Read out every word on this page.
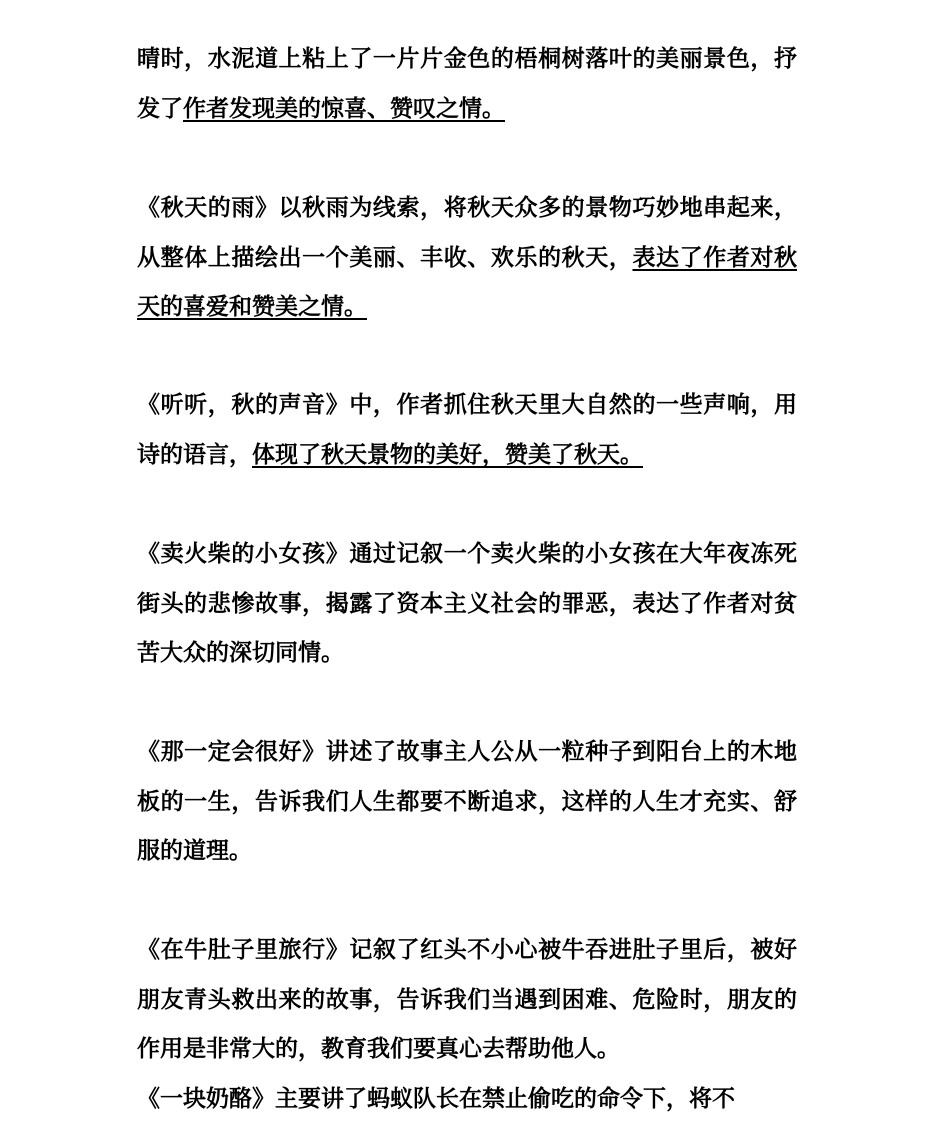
晴时，水泥道上粘上了一片片金色的梧桐树落叶的美丽景色，抒发了作者发现美的惊喜、赞叹之情。
《秋天的雨》以秋雨为线索，将秋天众多的景物巧妙地串起来，从整体上描绘出一个美丽、丰收、欢乐的秋天，表达了作者对秋天的喜爱和赞美之情。
《听听，秋的声音》中，作者抓住秋天里大自然的一些声响，用诗的语言，体现了秋天景物的美好，赞美了秋天。
《卖火柴的小女孩》通过记叙一个卖火柴的小女孩在大年夜冻死街头的悲惨故事，揭露了资本主义社会的罪恶，表达了作者对贫苦大众的深切同情。
《那一定会很好》讲述了故事主人公从一粒种子到阳台上的木地板的一生，告诉我们人生都要不断追求，这样的人生才充实、舒服的道理。
《在牛肚子里旅行》记叙了红头不小心被牛吞进肚子里后，被好朋友青头救出来的故事，告诉我们当遇到困难、危险时，朋友的作用是非常大的，教育我们要真心去帮助他人。
《一块奶酪》主要讲了蚂蚁队长在禁止偷吃的命令下，将不
